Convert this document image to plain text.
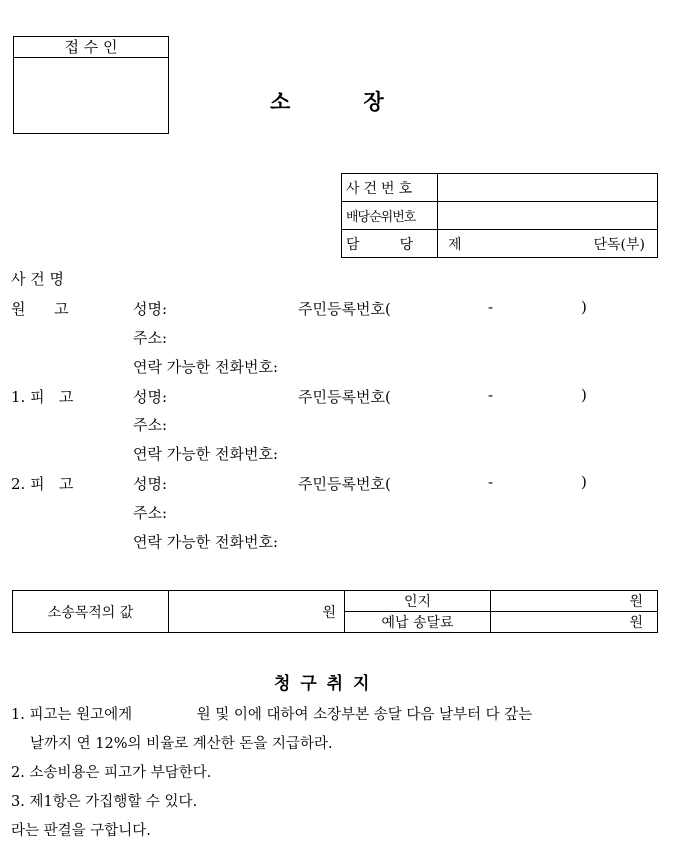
접 수 인
소          장
사건번호	
배당순위번호	
담         당	제 단독(부)
사 건 명
원      고	성명:	주민등록번호(	-	)
주소:
연락 가능한 전화번호:
1. 피   고	성명:	주민등록번호(	-	)
주소:
연락 가능한 전화번호:
2. 피   고	성명:	주민등록번호(	-	)
주소:
연락 가능한 전화번호:
소송목적의 값	원	인지	원
		예납 송달료	원
청 구 취 지
1. 피고는 원고에게              원 및 이에 대하여 소장부본 송달 다음 날부터 다 갚는
날까지 연 12%의 비율로 계산한 돈을 지급하라.
2. 소송비용은 피고가 부담한다.
3. 제1항은 가집행할 수 있다.
라는 판결을 구합니다.
